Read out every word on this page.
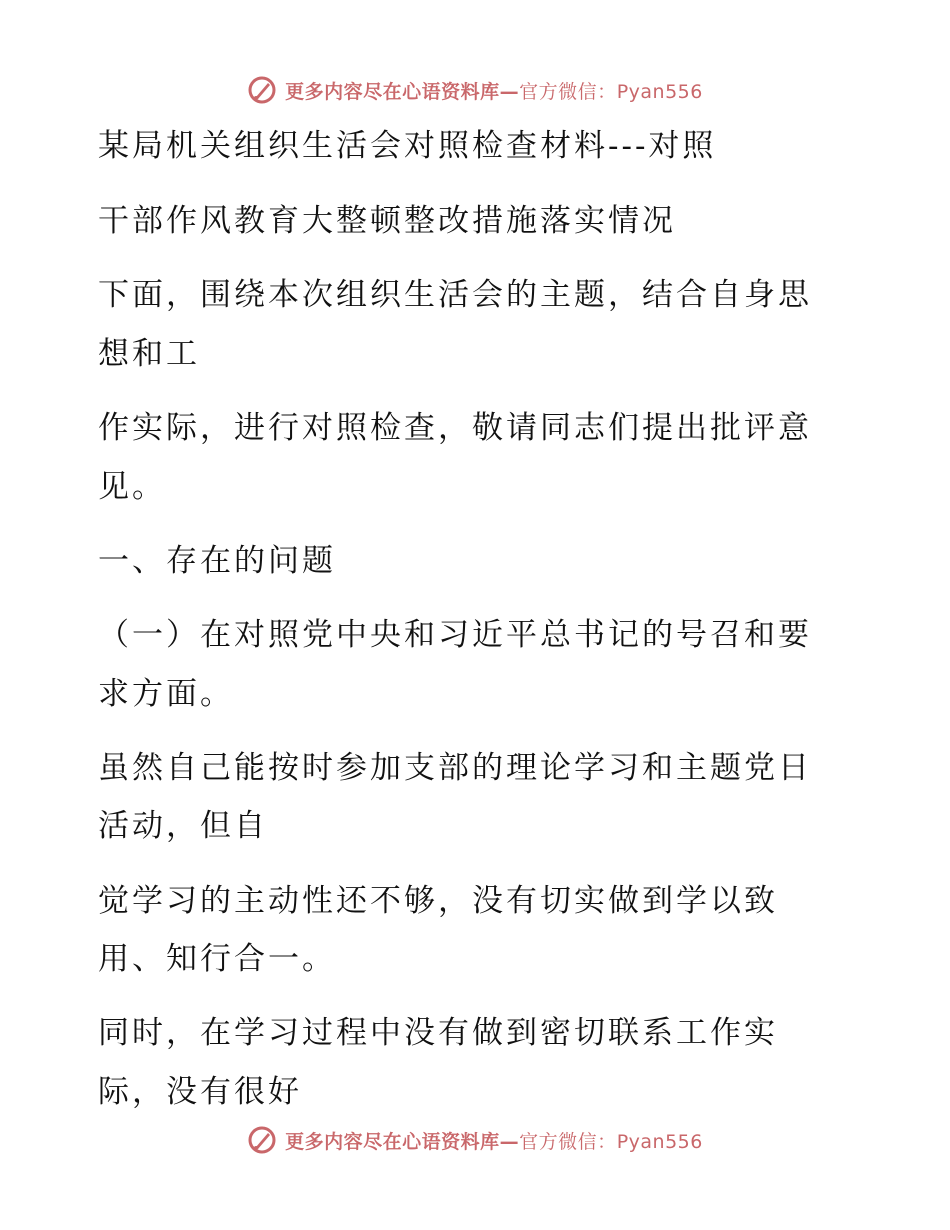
更多内容尽在心语资料库—官方微信：Pyan556
某局机关组织生活会对照检查材料---对照
干部作风教育大整顿整改措施落实情况
下面，围绕本次组织生活会的主题，结合自身思
想和工
作实际，进行对照检查，敬请同志们提出批评意
见。
一、存在的问题
（一）在对照党中央和习近平总书记的号召和要
求方面。
虽然自己能按时参加支部的理论学习和主题党日
活动，但自
觉学习的主动性还不够，没有切实做到学以致
用、知行合一。
同时，在学习过程中没有做到密切联系工作实
际，没有很好
更多内容尽在心语资料库—官方微信：Pyan556
